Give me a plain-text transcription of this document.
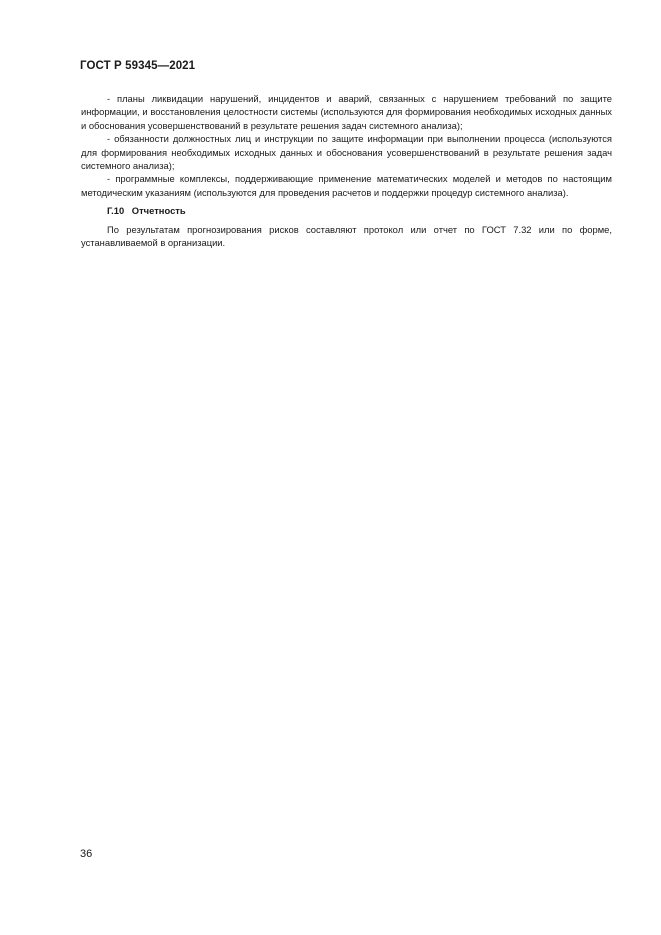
ГОСТ Р 59345—2021

- планы ликвидации нарушений, инцидентов и аварий, связанных с нарушением требований по защите информации, и восстановления целостности системы (используются для формирования необходимых исходных данных и обоснования усовершенствований в результате решения задач системного анализа);

- обязанности должностных лиц и инструкции по защите информации при выполнении процесса (используются для формирования необходимых исходных данных и обоснования усовершенствований в результате решения задач системного анализа);

- программные комплексы, поддерживающие применение математических моделей и методов по настоящим методическим указаниям (используются для проведения расчетов и поддержки процедур системного анализа).

Г.10 Отчетность

По результатам прогнозирования рисков составляют протокол или отчет по ГОСТ 7.32 или по форме, устанавливаемой в организации.

36
